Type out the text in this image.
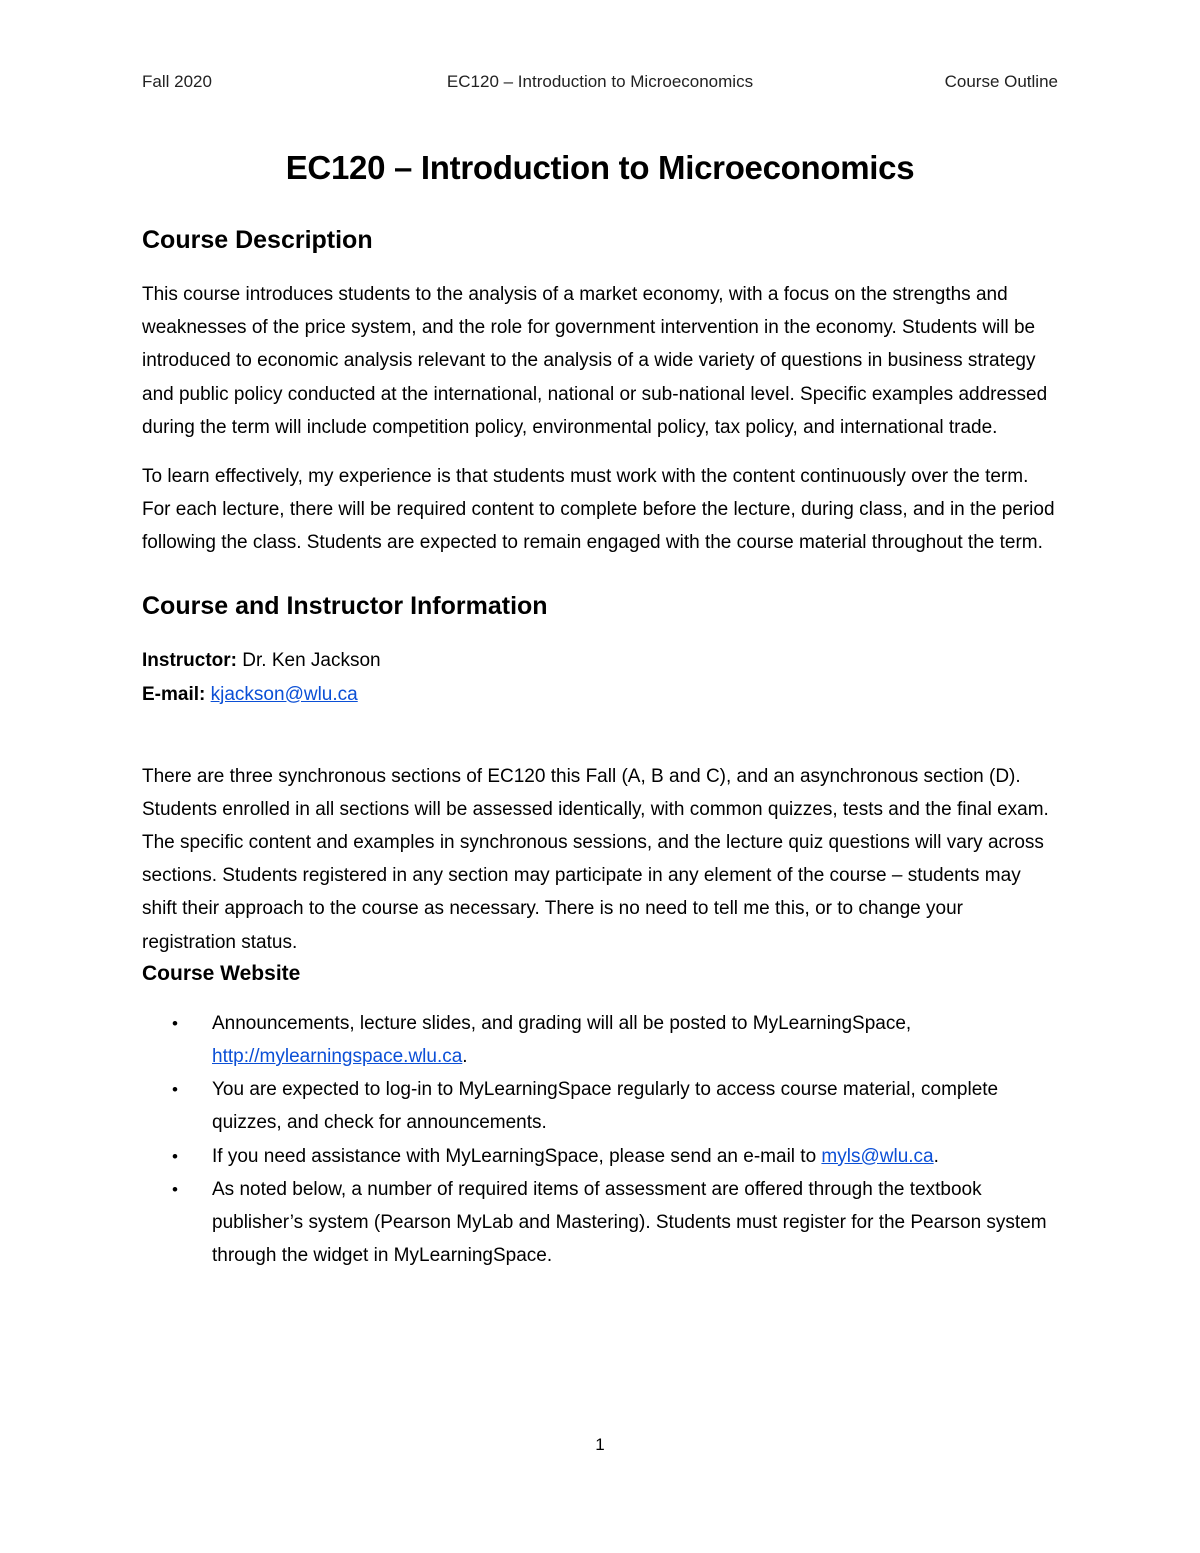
Fall 2020	EC120 – Introduction to Microeconomics	Course Outline
EC120 – Introduction to Microeconomics
Course Description

This course introduces students to the analysis of a market economy, with a focus on the strengths and weaknesses of the price system, and the role for government intervention in the economy. Students will be introduced to economic analysis relevant to the analysis of a wide variety of questions in business strategy and public policy conducted at the international, national or sub-national level. Specific examples addressed during the term will include competition policy, environmental policy, tax policy, and international trade.

To learn effectively, my experience is that students must work with the content continuously over the term. For each lecture, there will be required content to complete before the lecture, during class, and in the period following the class. Students are expected to remain engaged with the course material throughout the term.

Course and Instructor Information
Instructor: Dr. Ken Jackson
E-mail: kjackson@wlu.ca

There are three synchronous sections of EC120 this Fall (A, B and C), and an asynchronous section (D). Students enrolled in all sections will be assessed identically, with common quizzes, tests and the final exam. The specific content and examples in synchronous sessions, and the lecture quiz questions will vary across sections. Students registered in any section may participate in any element of the course – students may shift their approach to the course as necessary. There is no need to tell me this, or to change your registration status.

Course Website
• Announcements, lecture slides, and grading will all be posted to MyLearningSpace,
http://mylearningspace.wlu.ca.
• You are expected to log-in to MyLearningSpace regularly to access course material, complete quizzes, and check for announcements.
• If you need assistance with MyLearningSpace, please send an e-mail to myls@wlu.ca.
• As noted below, a number of required items of assessment are offered through the textbook publisher’s system (Pearson MyLab and Mastering). Students must register for the Pearson system through the widget in MyLearningSpace.
1
